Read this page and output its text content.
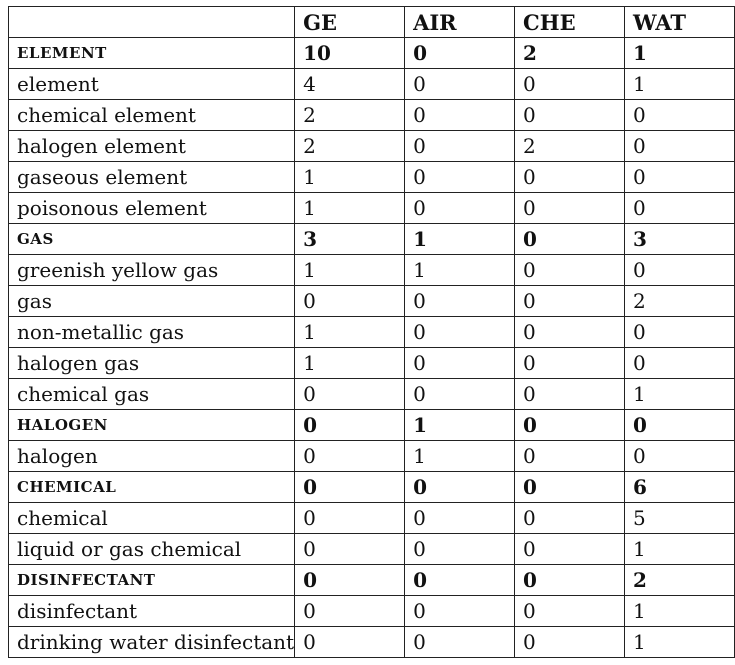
	GE	AIR	CHE	WAT
ELEMENT	10	0	2	1
element	4	0	0	1
chemical element	2	0	0	0
halogen element	2	0	2	0
gaseous element	1	0	0	0
poisonous element	1	0	0	0
GAS	3	1	0	3
greenish yellow gas	1	1	0	0
gas	0	0	0	2
non-metallic gas	1	0	0	0
halogen gas	1	0	0	0
chemical gas	0	0	0	1
HALOGEN	0	1	0	0
halogen	0	1	0	0
CHEMICAL	0	0	0	6
chemical	0	0	0	5
liquid or gas chemical	0	0	0	1
DISINFECTANT	0	0	0	2
disinfectant	0	0	0	1
drinking water disinfectant	0	0	0	1
